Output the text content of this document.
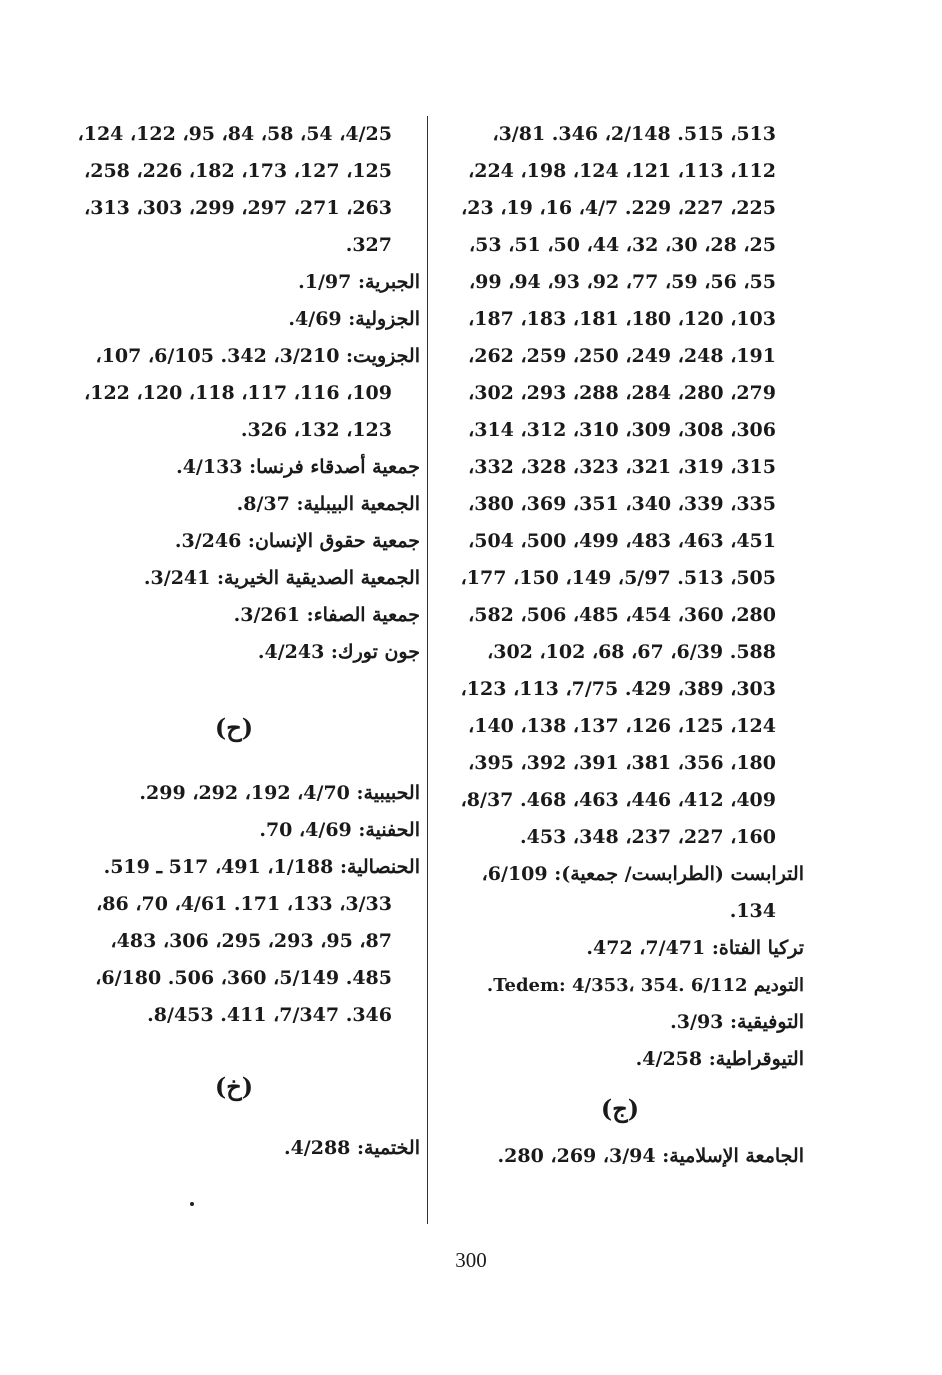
513، 515. 2/148، 346. 3/81،
112، 113، 121، 124، 198، 224،
225، 227، 229. 4/7، 16، 19، 23،
25، 28، 30، 32، 44، 50، 51، 53،
55، 56، 59، 77، 92، 93، 94، 99،
103، 120، 180، 181، 183، 187،
191، 248، 249، 250، 259، 262،
279، 280، 284، 288، 293، 302،
306، 308، 309، 310، 312، 314،
315، 319، 321، 323، 328، 332،
335، 339، 340، 351، 369، 380،
451، 463، 483، 499، 500، 504،
505، 513. 5/97، 149، 150، 177،
280، 360، 454، 485، 506، 582،
588. 6/39، 67، 68، 102، 302،
303، 389، 429. 7/75، 113، 123،
124، 125، 126، 137، 138، 140،
180، 356، 381، 391، 392، 395،
409، 412، 446، 463، 468. 8/37،
160، 227، 237، 348، 453.
الترابست (الطرابست/ جمعية): 6/109،
134.
تركيا الفتاة: 7/471، 472.
التوديم Tedem: 4/353، 354. 6/112.
التوفيقية: 3/93.
التيوقراطية: 4/258.
(ج)
الجامعة الإسلامية: 3/94، 269، 280.
4/25، 54، 58، 84، 95، 122، 124،
125، 127، 173، 182، 226، 258،
263، 271، 297، 299، 303، 313،
327.
الجبرية: 1/97.
الجزولية: 4/69.
الجزويت: 3/210، 342. 6/105، 107،
109، 116، 117، 118، 120، 122،
123، 132، 326.
جمعية أصدقاء فرنسا: 4/133.
الجمعية البيبلية: 8/37.
جمعية حقوق الإنسان: 3/246.
الجمعية الصديقية الخيرية: 3/241.
جمعية الصفاء: 3/261.
جون تورك: 4/243.
(ح)
الحبيبية: 4/70، 192، 292، 299.
الحفنية: 4/69، 70.
الحنصالية: 1/188، 491، 517 ـ 519.
3/33، 133، 171. 4/61، 70، 86،
87، 95، 293، 295، 306، 483،
485. 5/149، 360، 506. 6/180،
346. 7/347، 411. 8/453.
(خ)
الختمية: 4/288.
300
